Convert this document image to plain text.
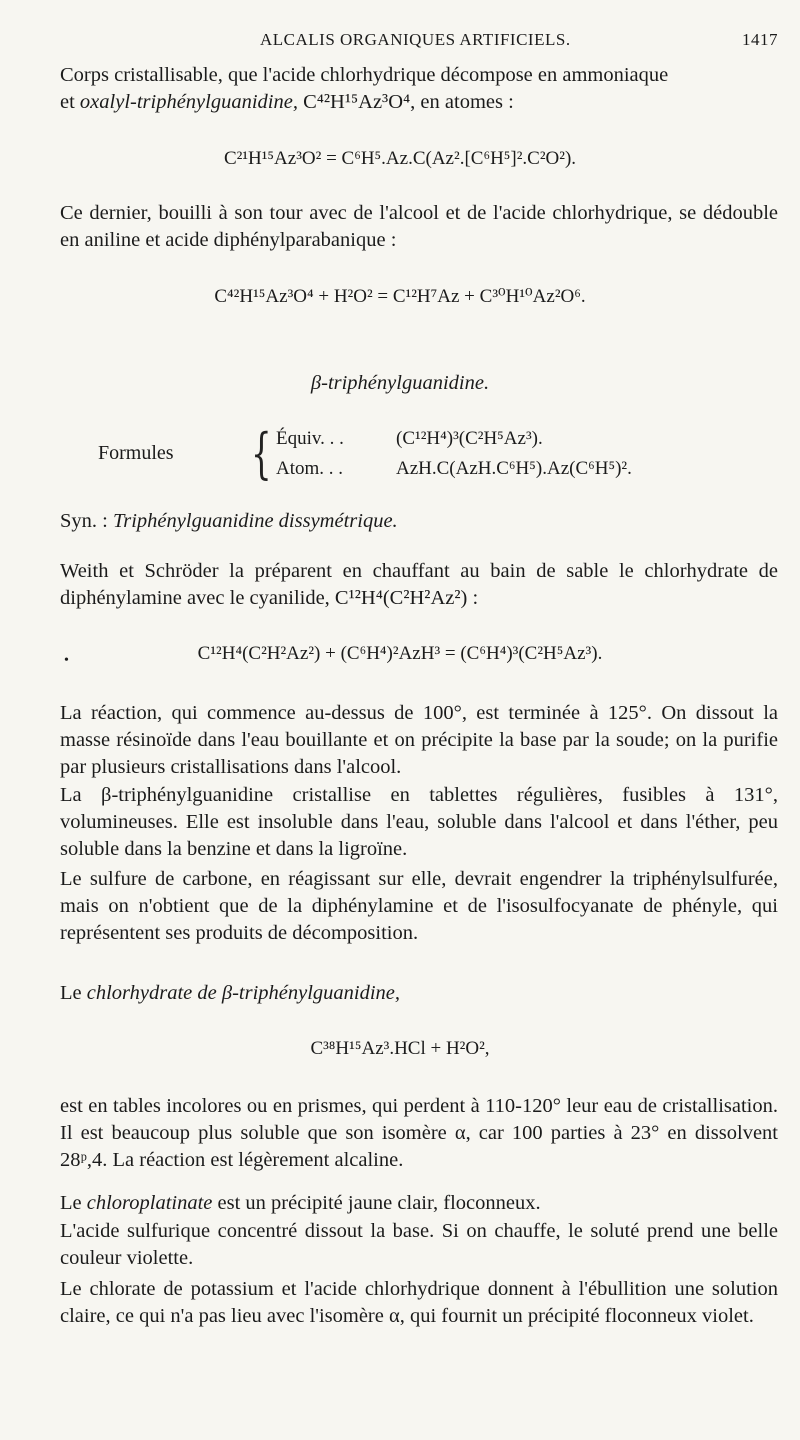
ALCALIS ORGANIQUES ARTIFICIELS.	1417
Corps cristallisable, que l'acide chlorhydrique décompose en ammoniaque
et oxalyl-triphénylguanidine, C⁴²H¹⁵Az³O⁴, en atomes :
C²¹H¹⁵Az³O² = C⁶H⁵.Az.C(Az².[C⁶H⁵]².C²O²).
Ce dernier, bouilli à son tour avec de l'alcool et de l'acide chlorhydrique, se dédouble en aniline et acide diphénylparabanique :
C⁴²H¹⁵Az³O⁴ + H²O² = C¹²H⁷Az + C³⁰H¹⁰Az²O⁶.
β-triphénylguanidine.
Formules { Équiv. . .	(C¹²H⁴)³(C²H⁵Az³).
Atom. . .	AzH.C(AzH.C⁶H⁵).Az(C⁶H⁵)².
Syn. : Triphénylguanidine dissymétrique.
Weith et Schröder la préparent en chauffant au bain de sable le chlorhydrate de diphénylamine avec le cyanilide, C¹²H⁴(C²H²Az²) :
•	C¹²H⁴(C²H²Az²) + (C⁶H⁴)²AzH³ = (C⁶H⁴)³(C²H⁵Az³).
La réaction, qui commence au-dessus de 100°, est terminée à 125°. On dissout la masse résinoïde dans l'eau bouillante et on précipite la base par la soude; on la purifie par plusieurs cristallisations dans l'alcool.
La β-triphénylguanidine cristallise en tablettes régulières, fusibles à 131°, volumineuses. Elle est insoluble dans l'eau, soluble dans l'alcool et dans l'éther, peu soluble dans la benzine et dans la ligroïne.
Le sulfure de carbone, en réagissant sur elle, devrait engendrer la triphénylsulfurée, mais on n'obtient que de la diphénylamine et de l'isosulfocyanate de phényle, qui représentent ses produits de décomposition.
Le chlorhydrate de β-triphénylguanidine,
C³⁸H¹⁵Az³.HCl + H²O²,
est en tables incolores ou en prismes, qui perdent à 110-120° leur eau de cristallisation. Il est beaucoup plus soluble que son isomère α, car 100 parties à 23° en dissolvent 28ᵖ,4. La réaction est légèrement alcaline.
Le chloroplatinate est un précipité jaune clair, floconneux.
L'acide sulfurique concentré dissout la base. Si on chauffe, le soluté prend une belle couleur violette.
Le chlorate de potassium et l'acide chlorhydrique donnent à l'ébullition une solution claire, ce qui n'a pas lieu avec l'isomère α, qui fournit un précipité floconneux violet.
